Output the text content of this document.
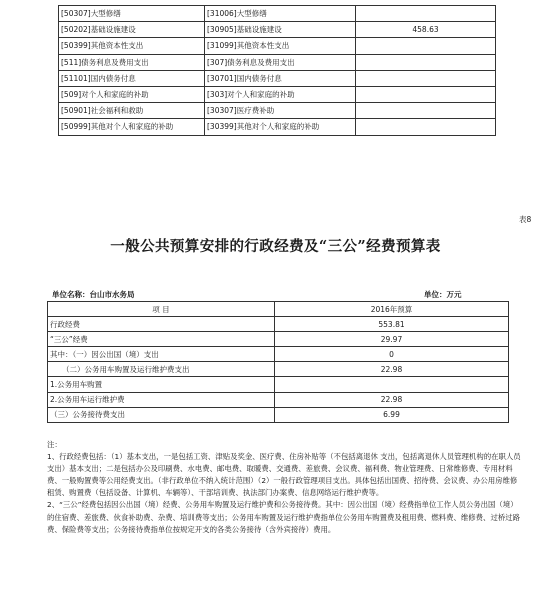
[50307]大型修缮	[31006]大型修缮	
[50202]基础设施建设	[30905]基础设施建设	458.63
[50399]其他资本性支出	[31099]其他资本性支出	
[511]债务利息及费用支出	[307]债务利息及费用支出	
[51101]国内债务付息	[30701]国内债务付息	
[509]对个人和家庭的补助	[303]对个人和家庭的补助	
[50901]社会福利和救助	[30307]医疗费补助	
[50999]其他对个人和家庭的补助	[30399]其他对个人和家庭的补助	
表8
一般公共预算安排的行政经费及“三公”经费预算表
单位名称：台山市水务局	单位：万元
项 目	2016年预算
行政经费	553.81
“三公”经费	29.97
其中：（一）因公出国（境）支出	0
（二）公务用车购置及运行维护费支出	22.98
1.公务用车购置	
2.公务用车运行维护费	22.98
（三）公务接待费支出	6.99

注：

1、行政经费包括：（1）基本支出，一是包括工资、津贴及奖金、医疗费、住房补贴等（不包括离退休 支出，包括离退休人员管理机构的在职人员支出）基本支出；二是包括办公及印刷费、水电费、邮电费、取暖费、交通费、差旅费、会议费、福利费、物业管理费、日常维修费、专用材料费、一般购置费等公用经费支出。（非行政单位不纳入统计范围）（2）一般行政管理项目支出。具体包括出国费、招待费、会议费、办公用房维修租赁、购置费（包括设备、计算机、车辆等）、干部培训费、执法部门办案费、信息网络运行维护费等。

2、“三公”经费包括因公出国（境）经费、公务用车购置及运行维护费和公务接待费。其中：因公出国（境）经费指单位工作人员公务出国（境）的住宿费、差旅费、伙食补助费、杂费、培训费等支出；公务用车购置及运行维护费指单位公务用车购置费及租用费、燃料费、维修费、过桥过路费、保险费等支出；公务接待费指单位按规定开支的各类公务接待（含外宾接待）费用。
